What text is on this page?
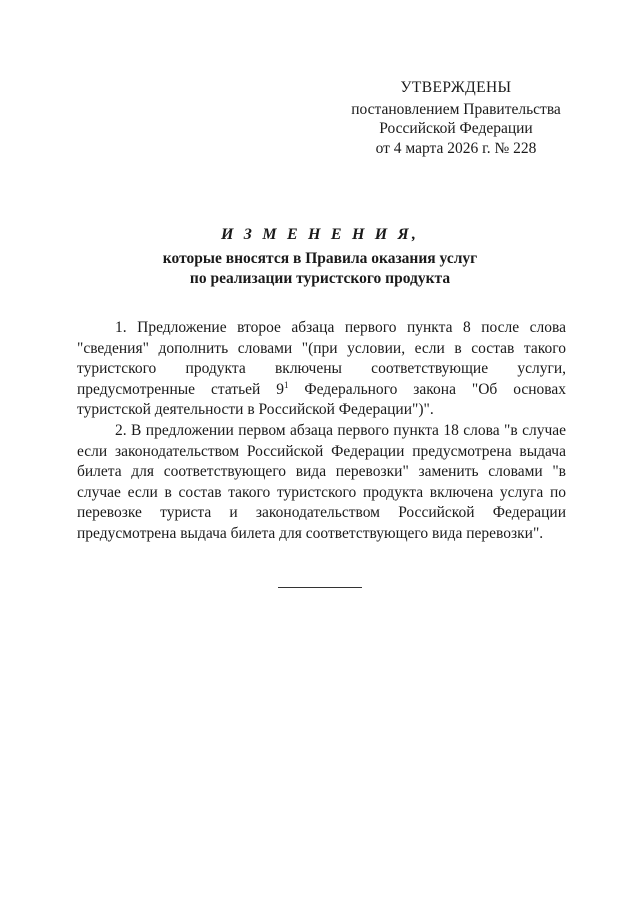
УТВЕРЖДЕНЫ
постановлением Правительства
Российской Федерации
от 4 марта 2026 г. № 228
И З М Е Н Е Н И Я,
которые вносятся в Правила оказания услуг
по реализации туристского продукта

1. Предложение второе абзаца первого пункта 8 после слова "сведения" дополнить словами "(при условии, если в состав такого туристского продукта включены соответствующие услуги, предусмотренные статьей $9^1$ Федерального закона "Об основах туристской деятельности в Российской Федерации")".

2. В предложении первом абзаца первого пункта 18 слова "в случае если законодательством Российской Федерации предусмотрена выдача билета для соответствующего вида перевозки" заменить словами "в случае если в состав такого туристского продукта включена услуга по перевозке туриста и законодательством Российской Федерации предусмотрена выдача билета для соответствующего вида перевозки".
